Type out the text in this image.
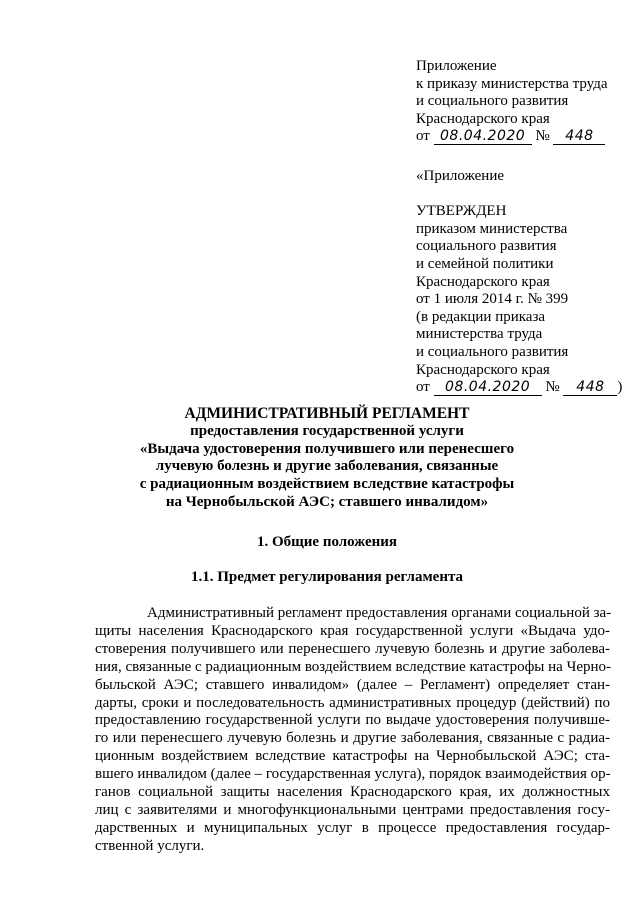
Приложение
к приказу министерства труда
и социального развития
Краснодарского края
от 08.04.2020 № 448
«Приложение
УТВЕРЖДЕН
приказом министерства
социального развития
и семейной политики
Краснодарского края
от 1 июля 2014 г. № 399
(в редакции приказа
министерства труда
и социального развития
Краснодарского края
от 08.04.2020 № 448 )
АДМИНИСТРАТИВНЫЙ РЕГЛАМЕНТ
предоставления государственной услуги
«Выдача удостоверения получившего или перенесшего
лучевую болезнь и другие заболевания, связанные
с радиационным воздействием вследствие катастрофы
на Чернобыльской АЭС; ставшего инвалидом»
1. Общие положения
1.1. Предмет регулирования регламента
Административный регламент предоставления органами социальной за-
щиты населения Краснодарского края государственной услуги «Выдача удо-
стоверения получившего или перенесшего лучевую болезнь и другие заболева-
ния, связанные с радиационным воздействием вследствие катастрофы на Черно-
быльской АЭС; ставшего инвалидом» (далее – Регламент) определяет стан-
дарты, сроки и последовательность административных процедур (действий) по
предоставлению государственной услуги по выдаче удостоверения получивше-
го или перенесшего лучевую болезнь и другие заболевания, связанные с радиа-
ционным воздействием вследствие катастрофы на Чернобыльской АЭС; ста-
вшего инвалидом (далее – государственная услуга), порядок взаимодействия ор-
ганов социальной защиты населения Краснодарского края, их должностных
лиц с заявителями и многофункциональными центрами предоставления госу-
дарственных и муниципальных услуг в процессе предоставления государ-
ственной услуги.
